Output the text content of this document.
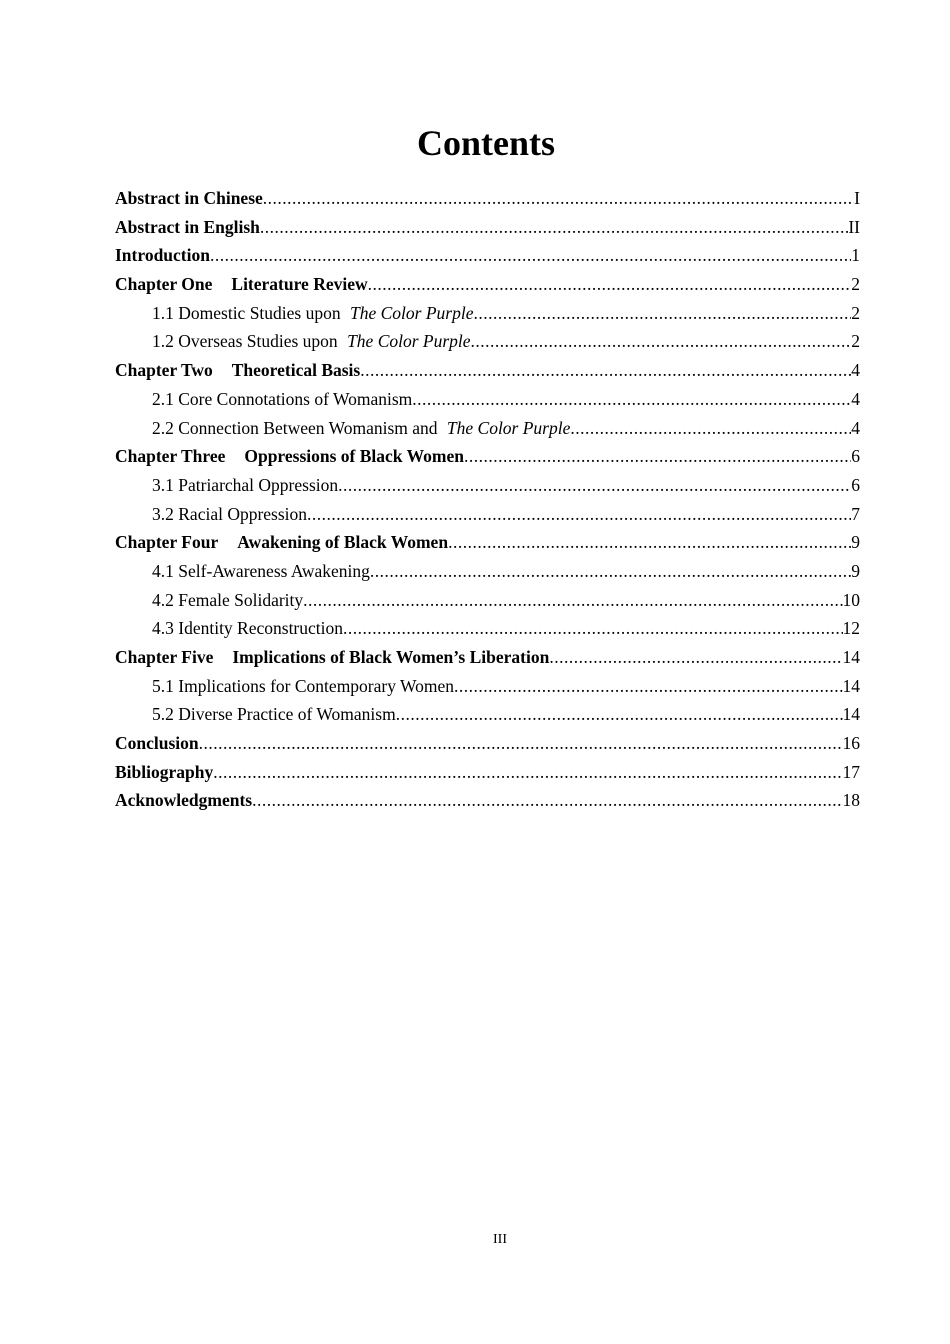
Contents
Abstract in Chinese .....	I
Abstract in English .....	II
Introduction .....	1
Chapter One Literature Review .....	2
1.1 Domestic Studies upon The Color Purple .....	2
1.2 Overseas Studies upon The Color Purple .....	2
Chapter Two Theoretical Basis .....	4
2.1 Core Connotations of Womanism .....	4
2.2 Connection Between Womanism and The Color Purple .....	4
Chapter Three Oppressions of Black Women .....	6
3.1 Patriarchal Oppression .....	6
3.2 Racial Oppression .....	7
Chapter Four Awakening of Black Women .....	9
4.1 Self-Awareness Awakening .....	9
4.2 Female Solidarity .....	10
4.3 Identity Reconstruction .....	12
Chapter Five Implications of Black Women’s Liberation .....	14
5.1 Implications for Contemporary Women .....	14
5.2 Diverse Practice of Womanism .....	14
Conclusion .....	16
Bibliography .....	17
Acknowledgments .....	18
III
